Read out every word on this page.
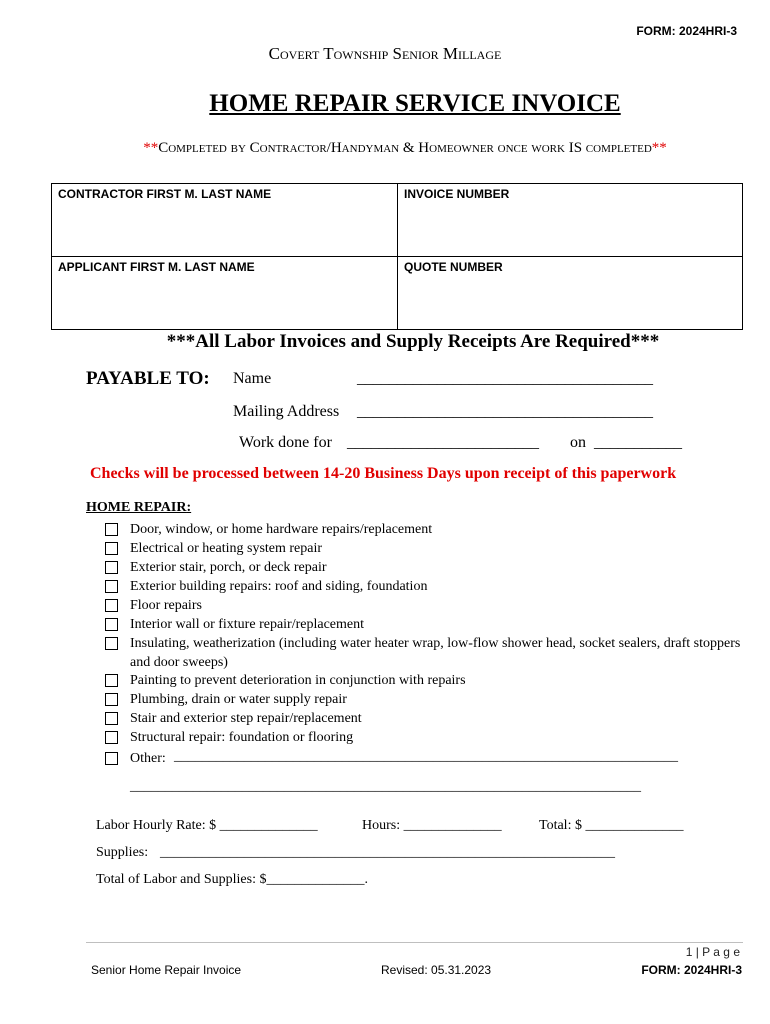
FORM: 2024HRI-3
Covert Township Senior Millage
HOME REPAIR SERVICE INVOICE
**Completed by Contractor/Handyman & Homeowner once work IS completed**
CONTRACTOR FIRST M. LAST NAME	INVOICE NUMBER
APPLICANT FIRST M. LAST NAME	QUOTE NUMBER
***All Labor Invoices and Supply Receipts Are Required***
PAYABLE TO: Name	_____________________________________
Mailing Address _____________________________________
Work done for ________________________ on ___________
Checks will be processed between 14-20 Business Days upon receipt of this paperwork
HOME REPAIR:
Door, window, or home hardware repairs/replacement
Electrical or heating system repair
Exterior stair, porch, or deck repair
Exterior building repairs: roof and siding, foundation
Floor repairs
Interior wall or fixture repair/replacement
Insulating, weatherization (including water heater wrap, low-flow shower head, socket sealers, draft stoppers and door sweeps)
Painting to prevent deterioration in conjunction with repairs
Plumbing, drain or water supply repair
Stair and exterior step repair/replacement
Structural repair: foundation or flooring
Other: ________________________________________________________________________
_________________________________________________________________________
Labor Hourly Rate: $ ______________	Hours: ______________	Total: $ ______________
Supplies: _________________________________________________________________
Total of Labor and Supplies: $______________.
1 | P a g e
Senior Home Repair Invoice	Revised: 05.31.2023	FORM: 2024HRI-3
